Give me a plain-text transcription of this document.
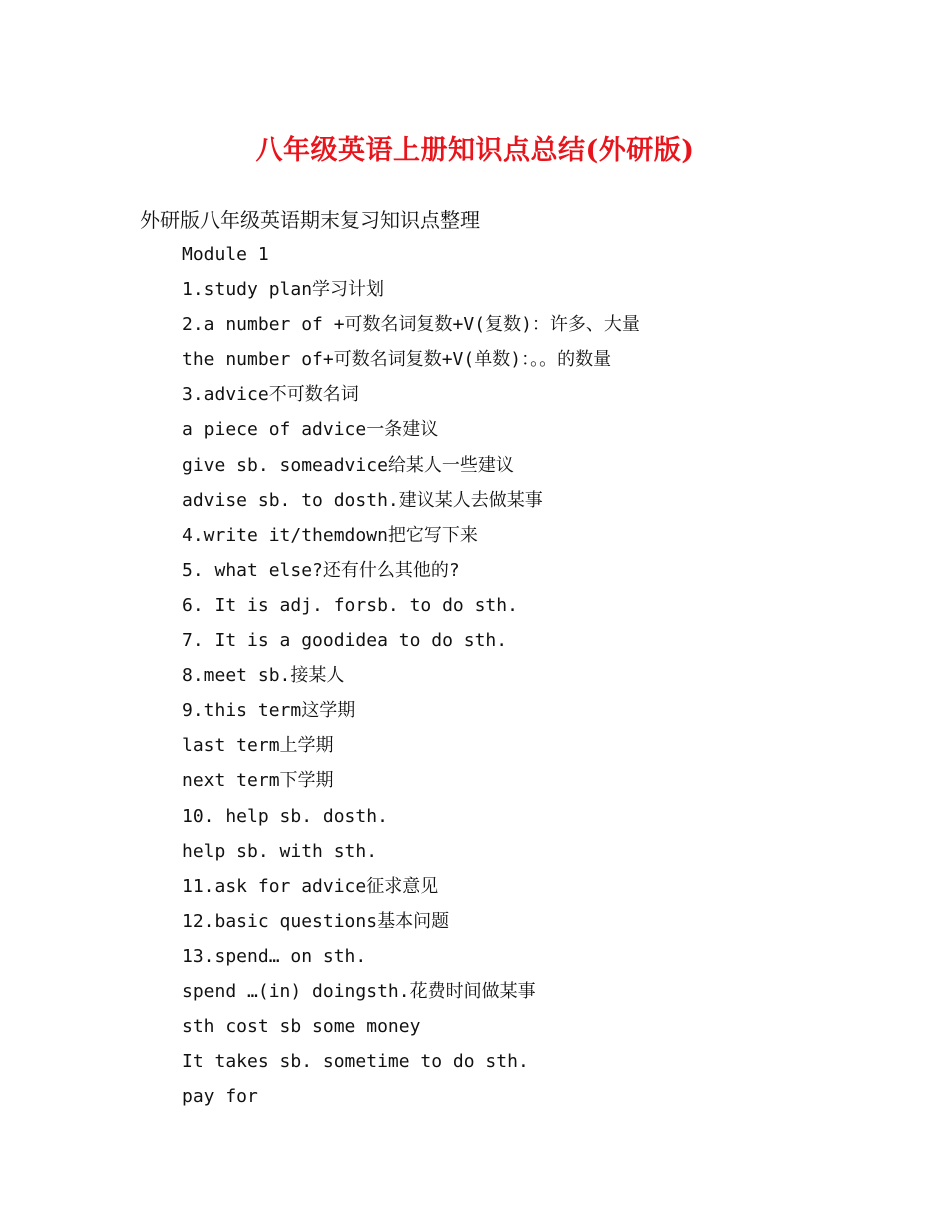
八年级英语上册知识点总结(外研版)
外研版八年级英语期末复习知识点整理
Module 1
1.study plan学习计划
2.a number of +可数名词复数+V(复数)：许多、大量
the number of+可数名词复数+V(单数)：。。的数量
3.advice不可数名词
a piece of advice一条建议
give sb. someadvice给某人一些建议
advise sb. to dosth.建议某人去做某事
4.write it/themdown把它写下来
5. what else?还有什么其他的?
6. It is adj. forsb. to do sth.
7. It is a goodidea to do sth.
8.meet sb.接某人
9.this term这学期
last term上学期
next term下学期
10. help sb. dosth.
help sb. with sth.
11.ask for advice征求意见
12.basic questions基本问题
13.spend… on sth.
spend …(in) doingsth.花费时间做某事
sth cost sb some money
It takes sb. sometime to do sth.
pay for
